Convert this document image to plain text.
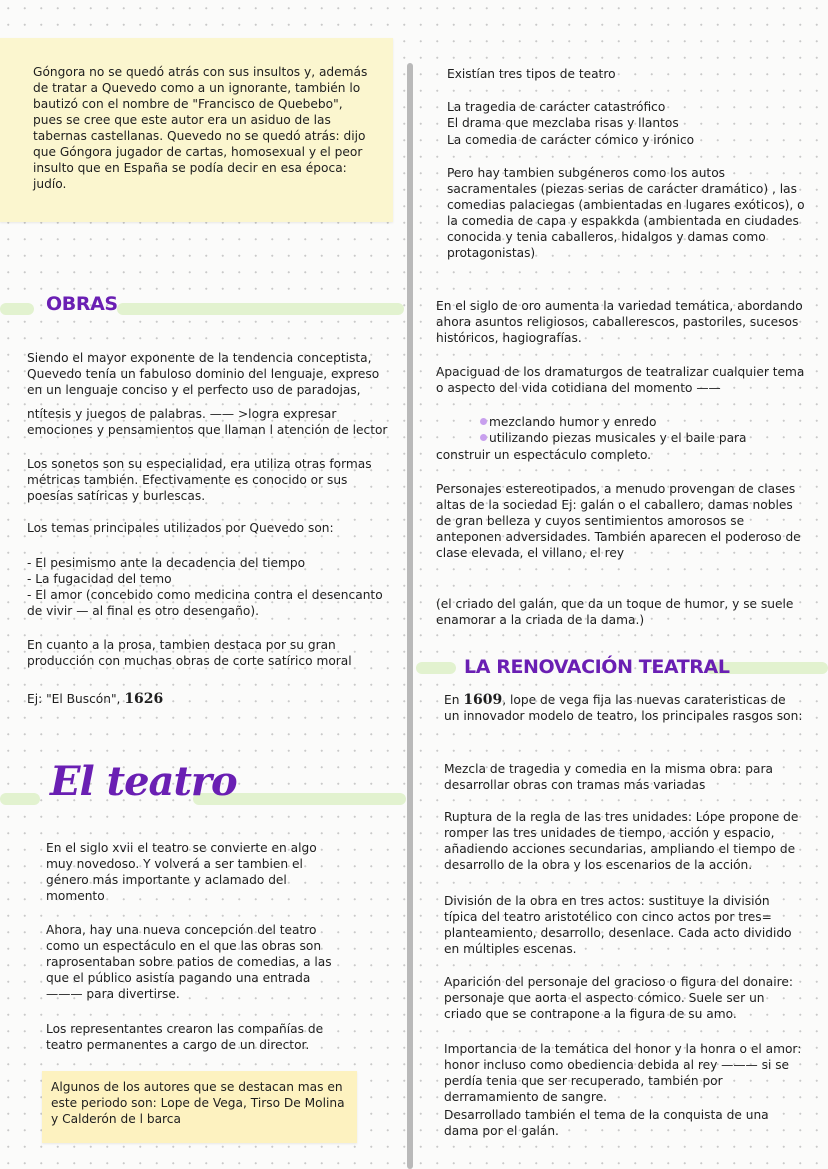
Góngora no se quedó atrás con sus insultos y, además de tratar a Quevedo como a un ignorante, también lo bautizó con el nombre de "Francisco de Quebebo", pues se cree que este autor era un asiduo de las tabernas castellanas. Quevedo no se quedó atrás: dijo que Góngora jugador de cartas, homosexual y el peor insulto que en España se podía decir en esa época: judío.
OBRAS
Siendo el mayor exponente de la tendencia conceptista, Quevedo tenía un fabuloso dominio del lenguaje, expreso en un lenguaje conciso y el perfecto uso de paradojas,
ntítesis y juegos de palabras. —— >logra expresar emociones y pensamientos que llaman l atención de lector
Los sonetos son su especialidad, era utiliza otras formas métricas también. Efectivamente es conocido or sus poesías satíricas y burlescas.
Los temas principales utilizados por Quevedo son:
- El pesimismo ante la decadencia del tiempo
- La fugacidad del temo
- El amor (concebido como medicina contra el desencanto de vivir — al final es otro desengaño).
En cuanto a la prosa, tambien destaca por su gran producción con muchas obras de corte satírico moral
Ej: "El Buscón", 1626
El teatro
En el siglo xvii el teatro se convierte en algo muy novedoso. Y volverá a ser tambien el género más importante y aclamado del momento
Ahora, hay una nueva concepción del teatro como un espectáculo en el que las obras son raprosentaban sobre patios de comedias, a las que el público asistía pagando una entrada ——— para divertirse.
Los representantes crearon las compañías de teatro permanentes a cargo de un director.
Algunos de los autores que se destacan mas en este periodo son: Lope de Vega, Tirso De Molina y Calderón de l barca
Existían tres tipos de teatro
La tragedia de carácter catastrófico
El drama que mezclaba risas y llantos
La comedia de carácter cómico y irónico
Pero hay tambien subgéneros como los autos sacramentales (piezas serias de carácter dramático) , las comedias palaciegas (ambientadas en lugares exóticos), o la comedia de capa y espakkda (ambientada en ciudades conocida y tenia caballeros, hidalgos y damas como protagonistas)
En el siglo de oro aumenta la variedad temática, abordando ahora asuntos religiosos, caballerescos, pastoriles, sucesos históricos, hagiografías.
Apaciguad de los dramaturgos de teatralizar cualquier tema o aspecto del vida cotidiana del momento ——
mezclando humor y enredo
utilizando piezas musicales y el baile para
construir un espectáculo completo.
Personajes estereotipados, a menudo provengan de clases altas de la sociedad Ej: galán o el caballero, damas nobles de gran belleza y cuyos sentimientos amorosos se anteponen adversidades. También aparecen el poderoso de clase elevada, el villano, el rey
(el criado del galán, que da un toque de humor, y se suele enamorar a la criada de la dama.)
LA RENOVACIÓN TEATRAL
En 1609, lope de vega fija las nuevas carateristicas de un innovador modelo de teatro, los principales rasgos son:
Mezcla de tragedia y comedia en la misma obra: para desarrollar obras con tramas más variadas
Ruptura de la regla de las tres unidades: Lópe propone de romper las tres unidades de tiempo, acción y espacio, añadiendo acciones secundarias, ampliando el tiempo de desarrollo de la obra y los escenarios de la acción.
División de la obra en tres actos: sustituye la división típica del teatro aristotélico con cinco actos por tres= planteamiento, desarrollo, desenlace. Cada acto dividido en múltiples escenas.
Aparición del personaje del gracioso o figura del donaire: personaje que aorta el aspecto cómico. Suele ser un criado que se contrapone a la figura de su amo.
Importancia de la temática del honor y la honra o el amor: honor incluso como obediencia debida al rey ——— si se perdía tenia que ser recuperado, también por derramamiento de sangre.
Desarrollado también el tema de la conquista de una dama por el galán.
